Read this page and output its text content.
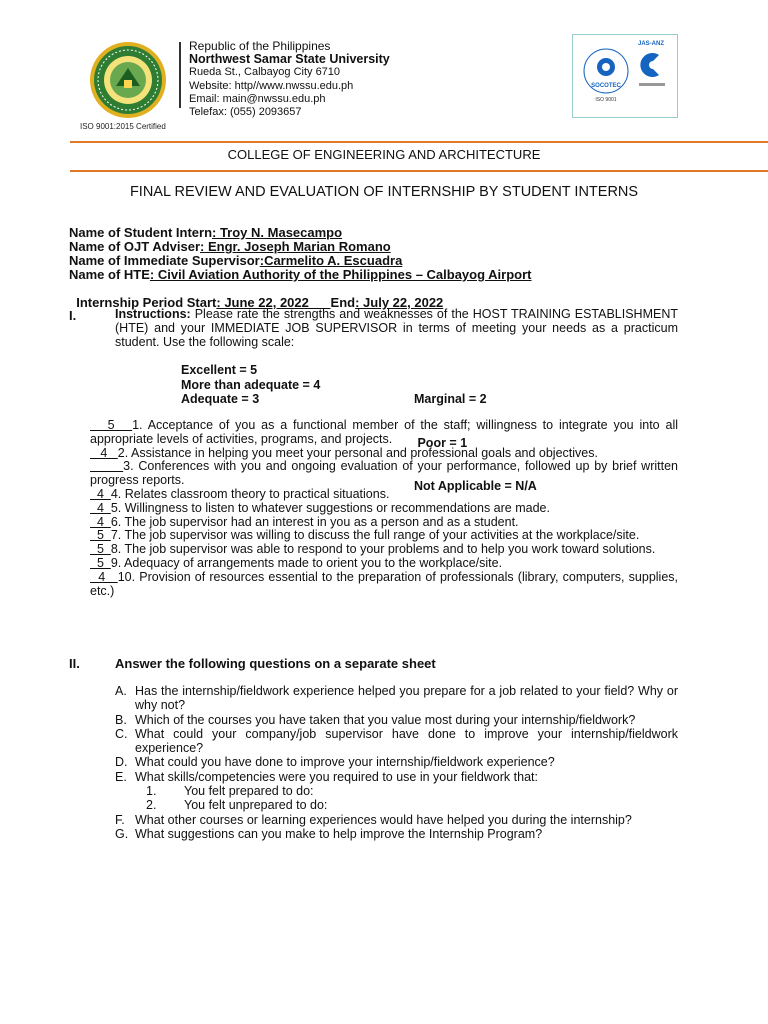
ISO 9001:2015 Certified
Republic of the Philippines
Northwest Samar State University
Rueda St., Calbayog City 6710
Website: http//www.nwssu.edu.ph
Email: main@nwssu.edu.ph
Telefax: (055) 2093657
SOCOTEC
ISO 9001
JAS-ANZ
COLLEGE OF ENGINEERING AND ARCHITECTURE
FINAL REVIEW AND EVALUATION OF INTERNSHIP BY STUDENT INTERNS
Name of Student Intern: Troy N. Masecampo
Name of OJT Adviser: Engr. Joseph Marian Romano
Name of Immediate Supervisor:Carmelito A. Escuadra
Name of HTE: Civil Aviation Authority of the Philippines – Calbayog Airport

Internship Period Start: June 22, 2022      End: July 22, 2022

I.	Instructions: Please rate the strengths and weaknesses of the HOST TRAINING ESTABLISHMENT (HTE) and your IMMEDIATE JOB SUPERVISOR in terms of meeting your needs as a practicum student. Use the following scale:
Excellent = 5
More than adequate = 4
Adequate = 3

	Marginal = 2

Poor = 1

Not Applicable = N/A

5   1. Acceptance of you as a functional member of the staff; willingness to integrate you into all appropriate levels of activities, programs, and projects.

4   2. Assistance in helping you meet your personal and professional goals and objectives.

3. Conferences with you and ongoing evaluation of your performance, followed up by brief written progress reports.

4  4. Relates classroom theory to practical situations.

4  5. Willingness to listen to whatever suggestions or recommendations are made.

4  6. The job supervisor had an interest in you as a person and as a student.

5  7. The job supervisor was willing to discuss the full range of your activities at the workplace/site.

5  8. The job supervisor was able to respond to your problems and to help you work toward solutions.

5  9. Adequacy of arrangements made to orient you to the workplace/site.

4   10. Provision of resources essential to the preparation of professionals (library, computers, supplies, etc.)

II.	Answer the following questions on a separate sheet
A. Has the internship/fieldwork experience helped you prepare for a job related to your field? Why or why not?
B. Which of the courses you have taken that you value most during your internship/fieldwork?
C. What could your company/job supervisor have done to improve your internship/fieldwork experience?
D. What could you have done to improve your internship/fieldwork experience?
E. What skills/competencies were you required to use in your fieldwork that:
1.	You felt prepared to do:
2.	You felt unprepared to do:
F. What other courses or learning experiences would have helped you during the internship?
G. What suggestions can you make to help improve the Internship Program?
